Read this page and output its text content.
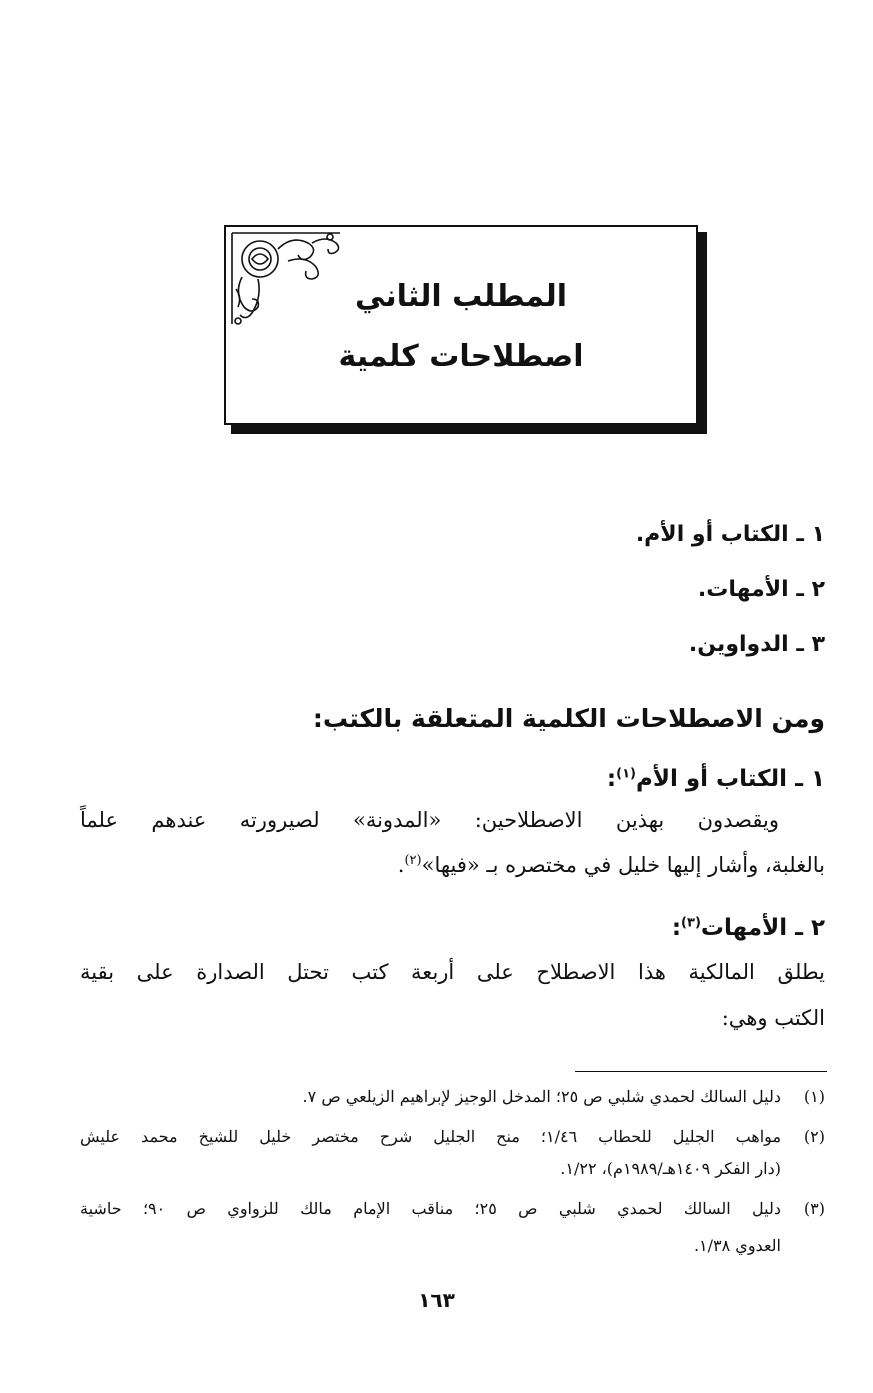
المطلب الثاني
اصطلاحات كلمية
١ ـ الكتاب أو الأم.
٢ ـ الأمهات.
٣ ـ الدواوين.
ومن الاصطلاحات الكلمية المتعلقة بالكتب:
١ ـ الكتاب أو الأم$^{(١)}$:
ويقصدون بهذين الاصطلاحين: «المدونة» لصيرورته عندهم علماً
بالغلبة، وأشار إليها خليل في مختصره بـ «فيها»$^{(٢)}$.
٢ ـ الأمهات$^{(٣)}$:
يطلق المالكية هذا الاصطلاح على أربعة كتب تحتل الصدارة على بقية
الكتب وهي:
(١)
دليل السالك لحمدي شلبي ص ٢٥؛ المدخل الوجيز لإبراهيم الزيلعي ص ٧.
(٢)
مواهب الجليل للحطاب ١/٤٦؛ منح الجليل شرح مختصر خليل للشيخ محمد عليش
(دار الفكر ١٤٠٩هـ/١٩٨٩م)، ١/٢٢.
(٣)
دليل السالك لحمدي شلبي ص ٢٥؛ مناقب الإمام مالك للزواوي ص ٩٠؛ حاشية
العدوي ١/٣٨.
١٦٣
